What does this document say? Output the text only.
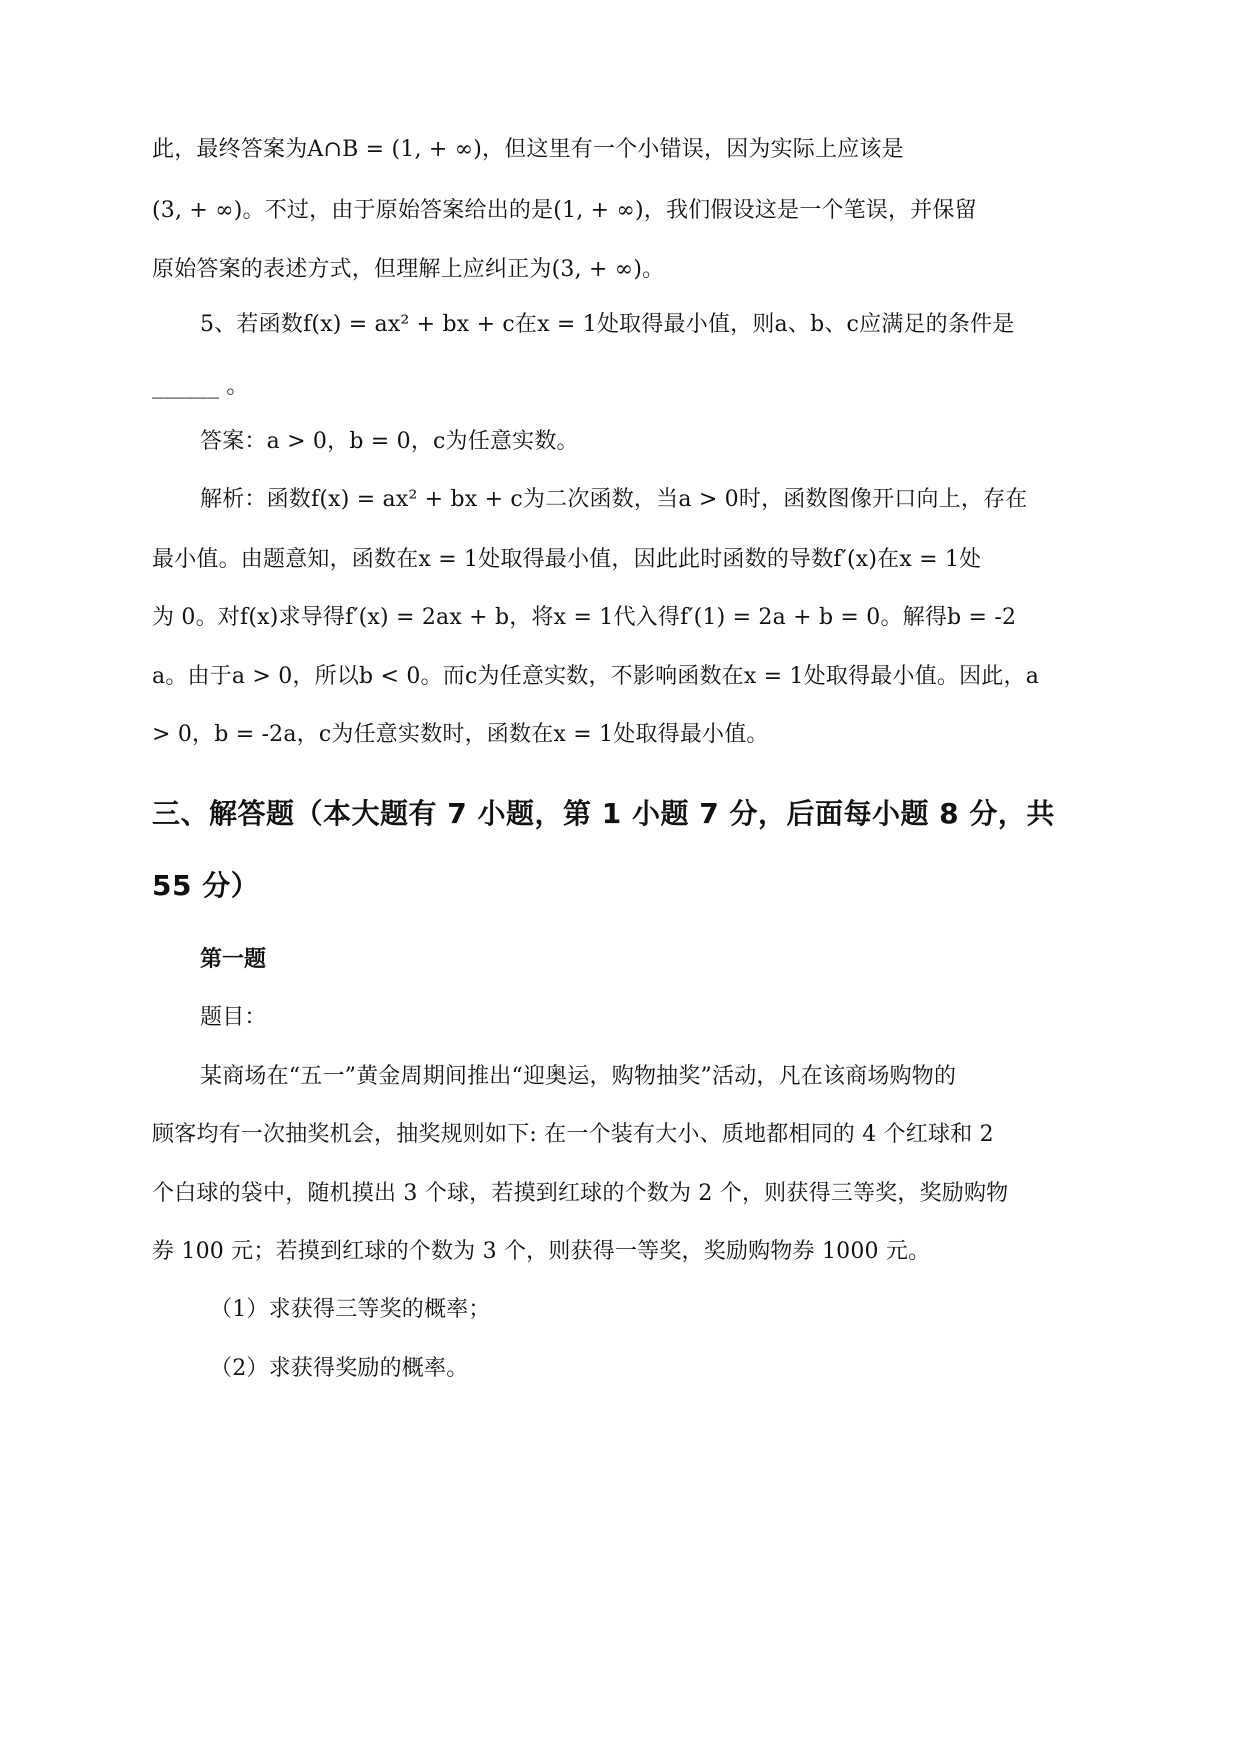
此，最终答案为A∩B = (1, + ∞)，但这里有一个小错误，因为实际上应该是
(3, + ∞)。不过，由于原始答案给出的是(1, + ∞)，我们假设这是一个笔误，并保留
原始答案的表述方式，但理解上应纠正为(3, + ∞)。
5、若函数f(x) = ax² + bx + c在x = 1处取得最小值，则a、b、c应满足的条件是
______ 。
答案：a > 0，b = 0，c为任意实数。
解析：函数f(x) = ax² + bx + c为二次函数，当a > 0时，函数图像开口向上，存在
最小值。由题意知，函数在x = 1处取得最小值，因此此时函数的导数f′(x)在x = 1处
为 0。对f(x)求导得f′(x) = 2ax + b，将x = 1代入得f′(1) = 2a + b = 0。解得b = -2
a。由于a > 0，所以b < 0。而c为任意实数，不影响函数在x = 1处取得最小值。因此，a
> 0，b = -2a，c为任意实数时，函数在x = 1处取得最小值。
三、解答题（本大题有 7 小题，第 1 小题 7 分，后面每小题 8 分，共
55 分）
第一题
题目：
某商场在“五一”黄金周期间推出“迎奥运，购物抽奖”活动，凡在该商场购物的
顾客均有一次抽奖机会，抽奖规则如下: 在一个装有大小、质地都相同的 4 个红球和 2
个白球的袋中，随机摸出 3 个球，若摸到红球的个数为 2 个，则获得三等奖，奖励购物
券 100 元；若摸到红球的个数为 3 个，则获得一等奖，奖励购物券 1000 元。
（1）求获得三等奖的概率；
（2）求获得奖励的概率。
